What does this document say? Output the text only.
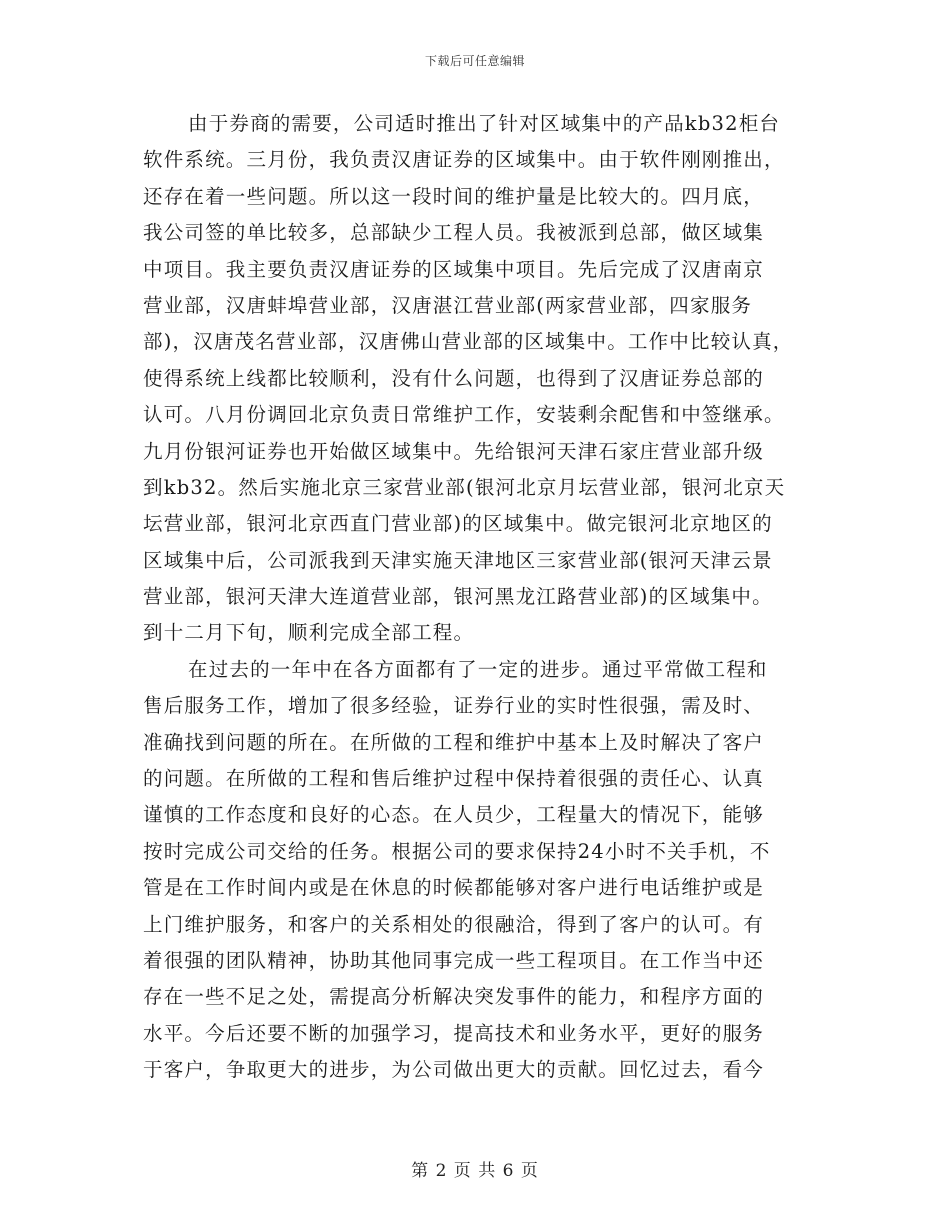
下载后可任意编辑
由于券商的需要，公司适时推出了针对区域集中的产品kb32柜台
软件系统。三月份，我负责汉唐证券的区域集中。由于软件刚刚推出，
还存在着一些问题。所以这一段时间的维护量是比较大的。四月底，
我公司签的单比较多，总部缺少工程人员。我被派到总部，做区域集
中项目。我主要负责汉唐证券的区域集中项目。先后完成了汉唐南京
营业部，汉唐蚌埠营业部，汉唐湛江营业部(两家营业部，四家服务
部)，汉唐茂名营业部，汉唐佛山营业部的区域集中。工作中比较认真，
使得系统上线都比较顺利，没有什么问题，也得到了汉唐证券总部的
认可。八月份调回北京负责日常维护工作，安装剩余配售和中签继承。
九月份银河证券也开始做区域集中。先给银河天津石家庄营业部升级
到kb32。然后实施北京三家营业部(银河北京月坛营业部，银河北京天
坛营业部，银河北京西直门营业部)的区域集中。做完银河北京地区的
区域集中后，公司派我到天津实施天津地区三家营业部(银河天津云景
营业部，银河天津大连道营业部，银河黑龙江路营业部)的区域集中。
到十二月下旬，顺利完成全部工程。
在过去的一年中在各方面都有了一定的进步。通过平常做工程和
售后服务工作，增加了很多经验，证券行业的实时性很强，需及时、
准确找到问题的所在。在所做的工程和维护中基本上及时解决了客户
的问题。在所做的工程和售后维护过程中保持着很强的责任心、认真
谨慎的工作态度和良好的心态。在人员少，工程量大的情况下，能够
按时完成公司交给的任务。根据公司的要求保持24小时不关手机，不
管是在工作时间内或是在休息的时候都能够对客户进行电话维护或是
上门维护服务，和客户的关系相处的很融洽，得到了客户的认可。有
着很强的团队精神，协助其他同事完成一些工程项目。在工作当中还
存在一些不足之处，需提高分析解决突发事件的能力，和程序方面的
水平。今后还要不断的加强学习，提高技术和业务水平，更好的服务
于客户，争取更大的进步，为公司做出更大的贡献。回忆过去，看今
第 2 页 共 6 页
